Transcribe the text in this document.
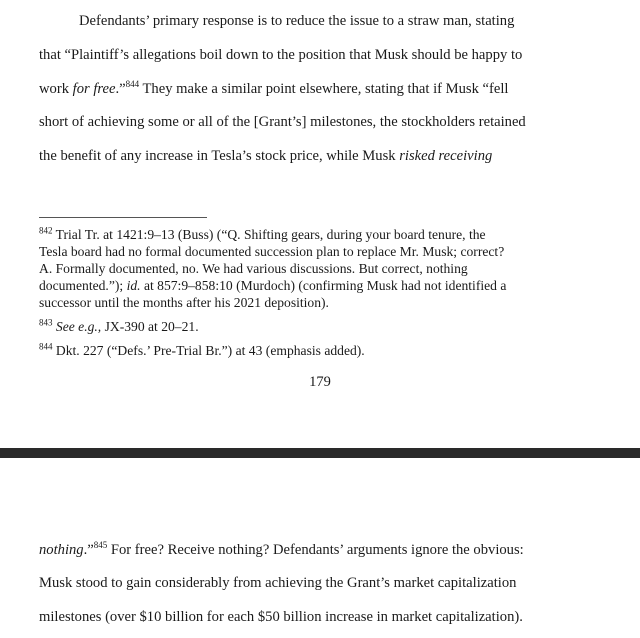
Defendants’ primary response is to reduce the issue to a straw man, stating
that “Plaintiff’s allegations boil down to the position that Musk should be happy to
work for free.”$^{844}$ They make a similar point elsewhere, stating that if Musk “fell
short of achieving some or all of the [Grant’s] milestones, the stockholders retained
the benefit of any increase in Tesla’s stock price, while Musk risked receiving
$^{842}$ Trial Tr. at 1421:9–13 (Buss) (“Q. Shifting gears, during your board tenure, the
Tesla board had no formal documented succession plan to replace Mr. Musk; correct?
A. Formally documented, no. We had various discussions. But correct, nothing
documented.”); id. at 857:9–858:10 (Murdoch) (confirming Musk had not identified a
successor until the months after his 2021 deposition).
$^{843}$ See e.g., JX-390 at 20–21.
$^{844}$ Dkt. 227 (“Defs.’ Pre-Trial Br.”) at 43 (emphasis added).
179
nothing.”$^{845}$ For free? Receive nothing? Defendants’ arguments ignore the obvious:
Musk stood to gain considerably from achieving the Grant’s market capitalization
milestones (over $10 billion for each $50 billion increase in market capitalization).
